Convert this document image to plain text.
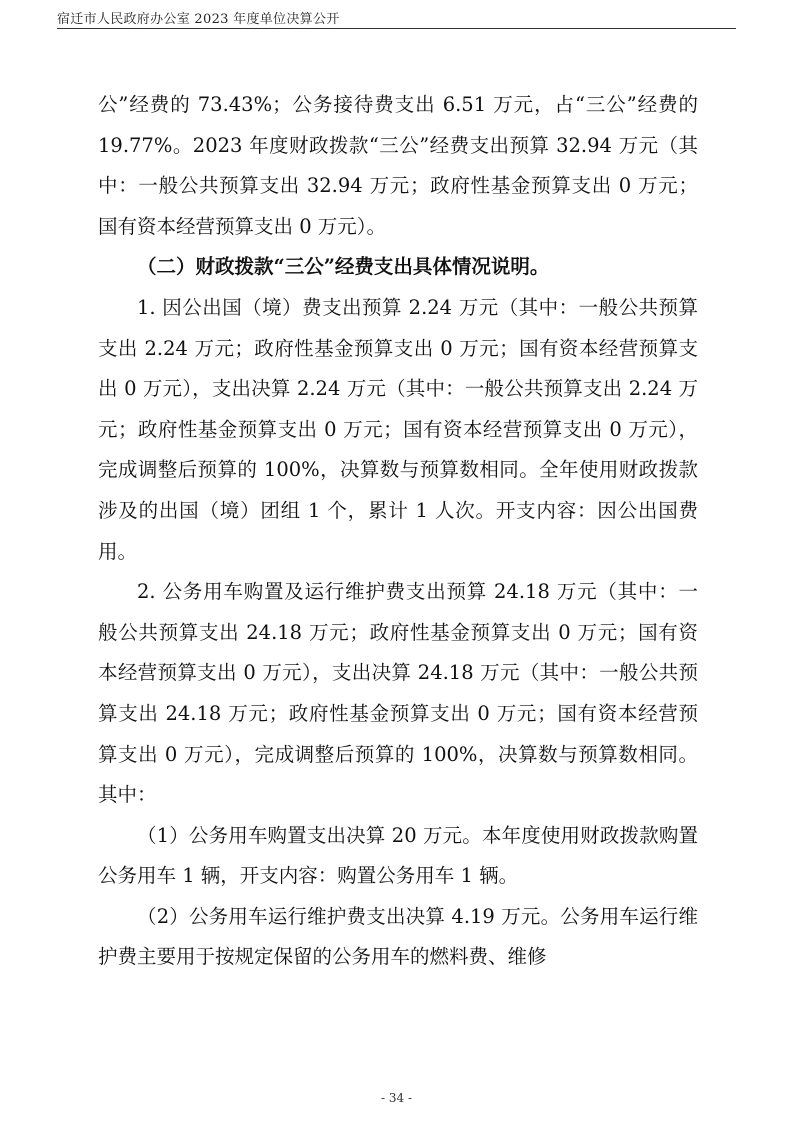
宿迁市人民政府办公室 2023 年度单位决算公开

公”经费的 73.43%；公务接待费支出 6.51 万元，占“三公”经费的 19.77%。2023 年度财政拨款“三公”经费支出预算 32.94 万元（其中：一般公共预算支出 32.94 万元；政府性基金预算支出 0 万元；国有资本经营预算支出 0 万元）。

（二）财政拨款“三公”经费支出具体情况说明。

1. 因公出国（境）费支出预算 2.24 万元（其中：一般公共预算支出 2.24 万元；政府性基金预算支出 0 万元；国有资本经营预算支出 0 万元），支出决算 2.24 万元（其中：一般公共预算支出 2.24 万元；政府性基金预算支出 0 万元；国有资本经营预算支出 0 万元），完成调整后预算的 100%，决算数与预算数相同。全年使用财政拨款涉及的出国（境）团组 1 个，累计 1 人次。开支内容：因公出国费用。

2. 公务用车购置及运行维护费支出预算 24.18 万元（其中：一般公共预算支出 24.18 万元；政府性基金预算支出 0 万元；国有资本经营预算支出 0 万元），支出决算 24.18 万元（其中：一般公共预算支出 24.18 万元；政府性基金预算支出 0 万元；国有资本经营预算支出 0 万元），完成调整后预算的 100%，决算数与预算数相同。其中：

（1）公务用车购置支出决算 20 万元。本年度使用财政拨款购置公务用车 1 辆，开支内容：购置公务用车 1 辆。

（2）公务用车运行维护费支出决算 4.19 万元。公务用车运行维护费主要用于按规定保留的公务用车的燃料费、维修

- 34 -
